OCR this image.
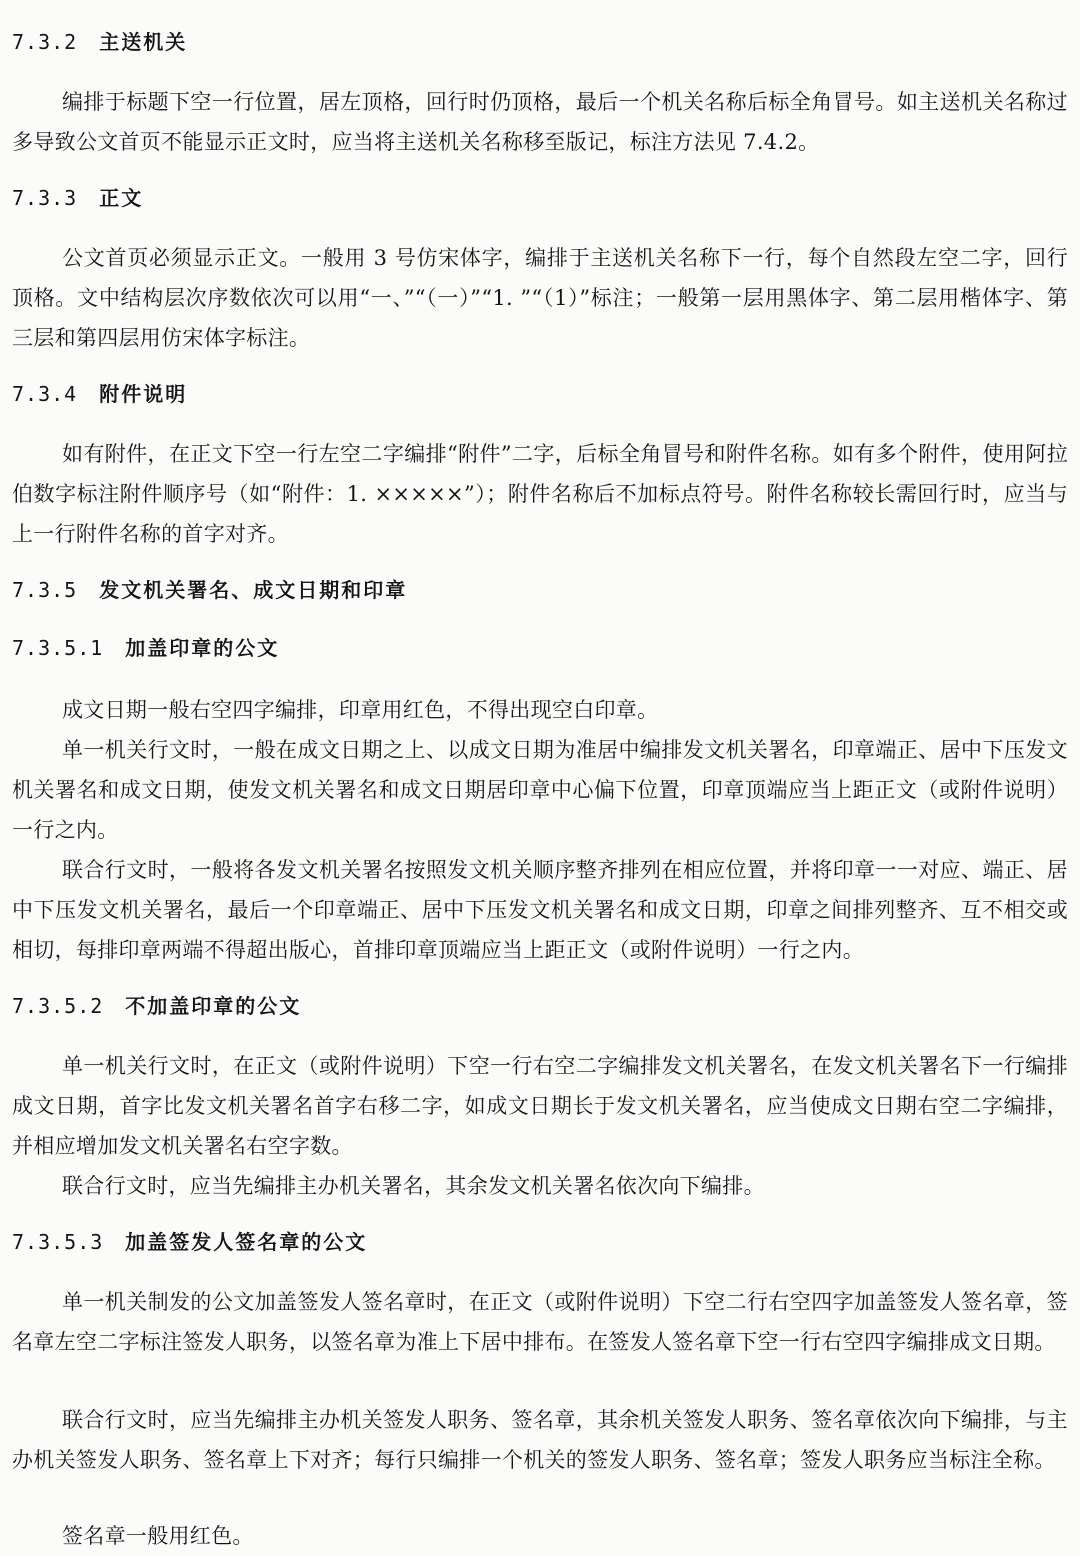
7.3.2 主送机关
编排于标题下空一行位置，居左顶格，回行时仍顶格，最后一个机关名称后标全角冒号。如主送机关名称过多导致公文首页不能显示正文时，应当将主送机关名称移至版记，标注方法见 7.4.2。
7.3.3 正文
公文首页必须显示正文。一般用 3 号仿宋体字，编排于主送机关名称下一行，每个自然段左空二字，回行顶格。文中结构层次序数依次可以用“一、”“（一）”“1. ”“（1）”标注；一般第一层用黑体字、第二层用楷体字、第三层和第四层用仿宋体字标注。
7.3.4 附件说明
如有附件，在正文下空一行左空二字编排“附件”二字，后标全角冒号和附件名称。如有多个附件，使用阿拉伯数字标注附件顺序号（如“附件：1. ×××××”）；附件名称后不加标点符号。附件名称较长需回行时，应当与上一行附件名称的首字对齐。
7.3.5 发文机关署名、成文日期和印章
7.3.5.1 加盖印章的公文
成文日期一般右空四字编排，印章用红色，不得出现空白印章。
单一机关行文时，一般在成文日期之上、以成文日期为准居中编排发文机关署名，印章端正、居中下压发文机关署名和成文日期，使发文机关署名和成文日期居印章中心偏下位置，印章顶端应当上距正文（或附件说明）一行之内。
联合行文时，一般将各发文机关署名按照发文机关顺序整齐排列在相应位置，并将印章一一对应、端正、居中下压发文机关署名，最后一个印章端正、居中下压发文机关署名和成文日期，印章之间排列整齐、互不相交或相切，每排印章两端不得超出版心，首排印章顶端应当上距正文（或附件说明）一行之内。
7.3.5.2 不加盖印章的公文
单一机关行文时，在正文（或附件说明）下空一行右空二字编排发文机关署名，在发文机关署名下一行编排成文日期，首字比发文机关署名首字右移二字，如成文日期长于发文机关署名，应当使成文日期右空二字编排，并相应增加发文机关署名右空字数。
联合行文时，应当先编排主办机关署名，其余发文机关署名依次向下编排。
7.3.5.3 加盖签发人签名章的公文
单一机关制发的公文加盖签发人签名章时，在正文（或附件说明）下空二行右空四字加盖签发人签名章，签名章左空二字标注签发人职务，以签名章为准上下居中排布。在签发人签名章下空一行右空四字编排成文日期。
联合行文时，应当先编排主办机关签发人职务、签名章，其余机关签发人职务、签名章依次向下编排，与主办机关签发人职务、签名章上下对齐；每行只编排一个机关的签发人职务、签名章；签发人职务应当标注全称。
签名章一般用红色。
